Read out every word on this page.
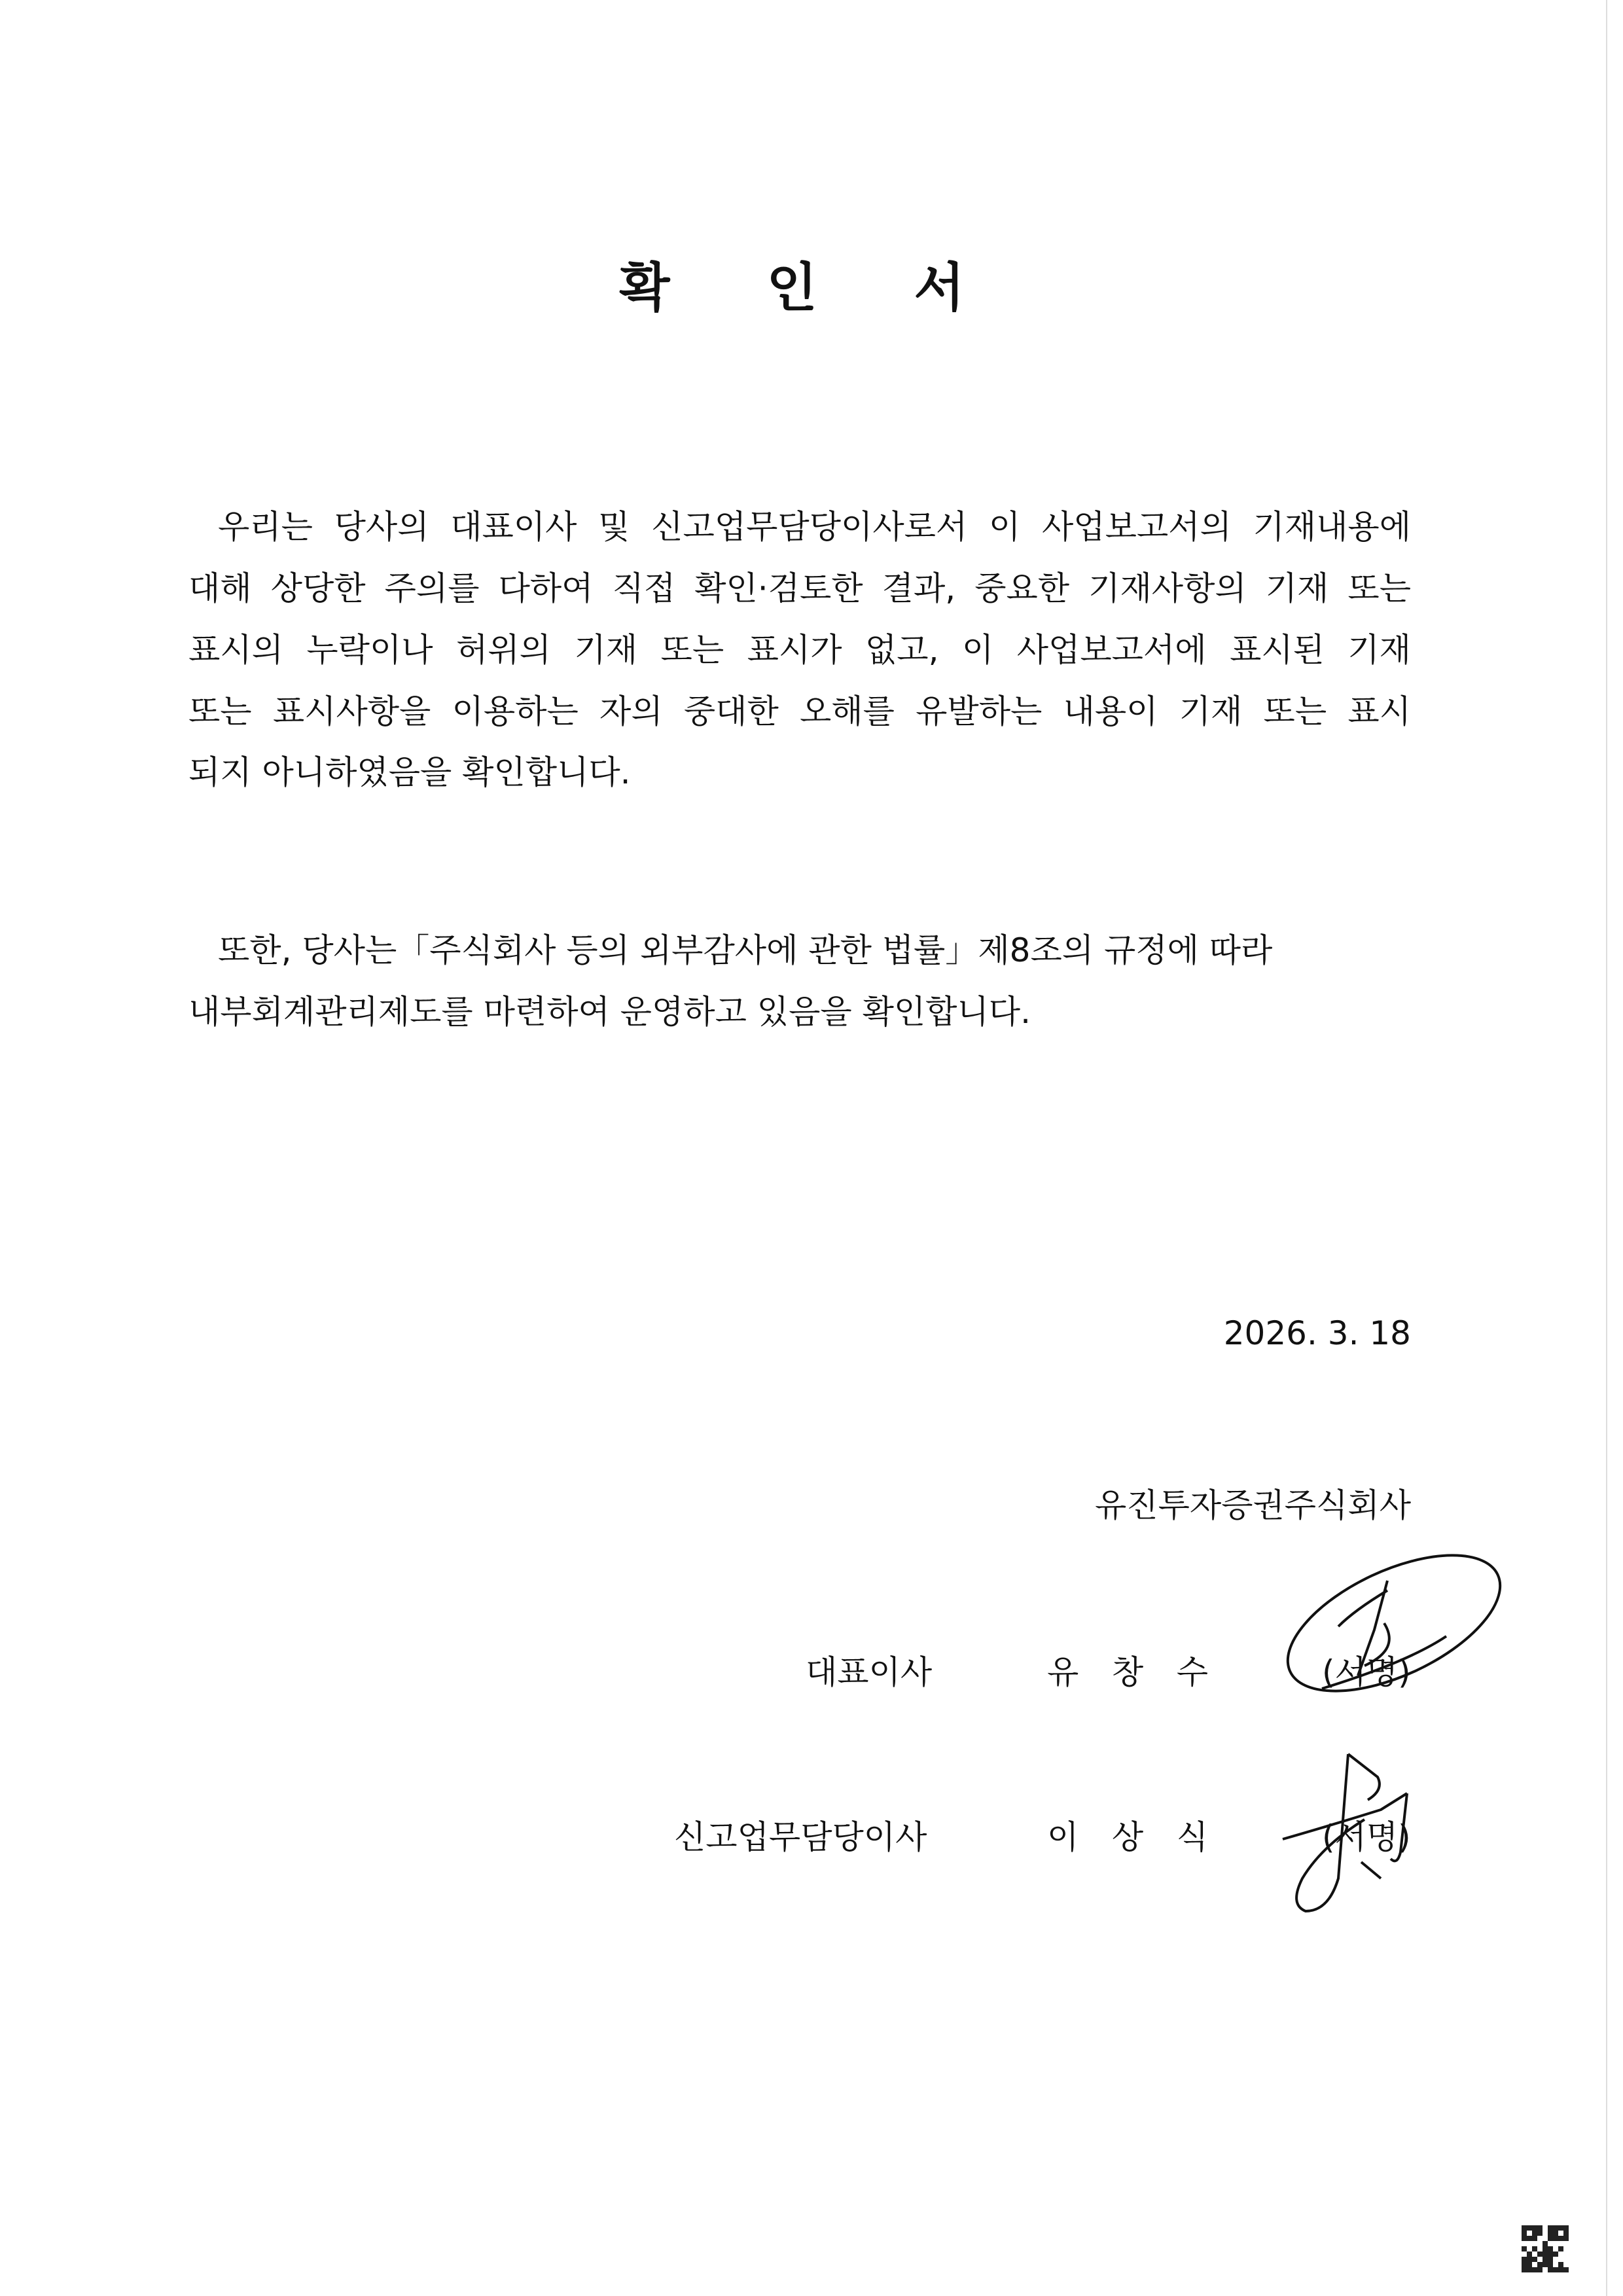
확 인 서
우리는 당사의 대표이사 및 신고업무담당이사로서 이 사업보고서의 기재내용에
대해 상당한 주의를 다하여 직접 확인·검토한 결과, 중요한 기재사항의 기재 또는
표시의 누락이나 허위의 기재 또는 표시가 없고, 이 사업보고서에 표시된 기재
또는 표시사항을 이용하는 자의 중대한 오해를 유발하는 내용이 기재 또는 표시
되지 아니하였음을 확인합니다.
또한, 당사는「주식회사 등의 외부감사에 관한 법률」제8조의 규정에 따라
내부회계관리제도를 마련하여 운영하고 있음을 확인합니다.
2026. 3. 18
유진투자증권주식회사
대표이사	유 창 수	(서명)
신고업무담당이사	이 상 식	(서명)
